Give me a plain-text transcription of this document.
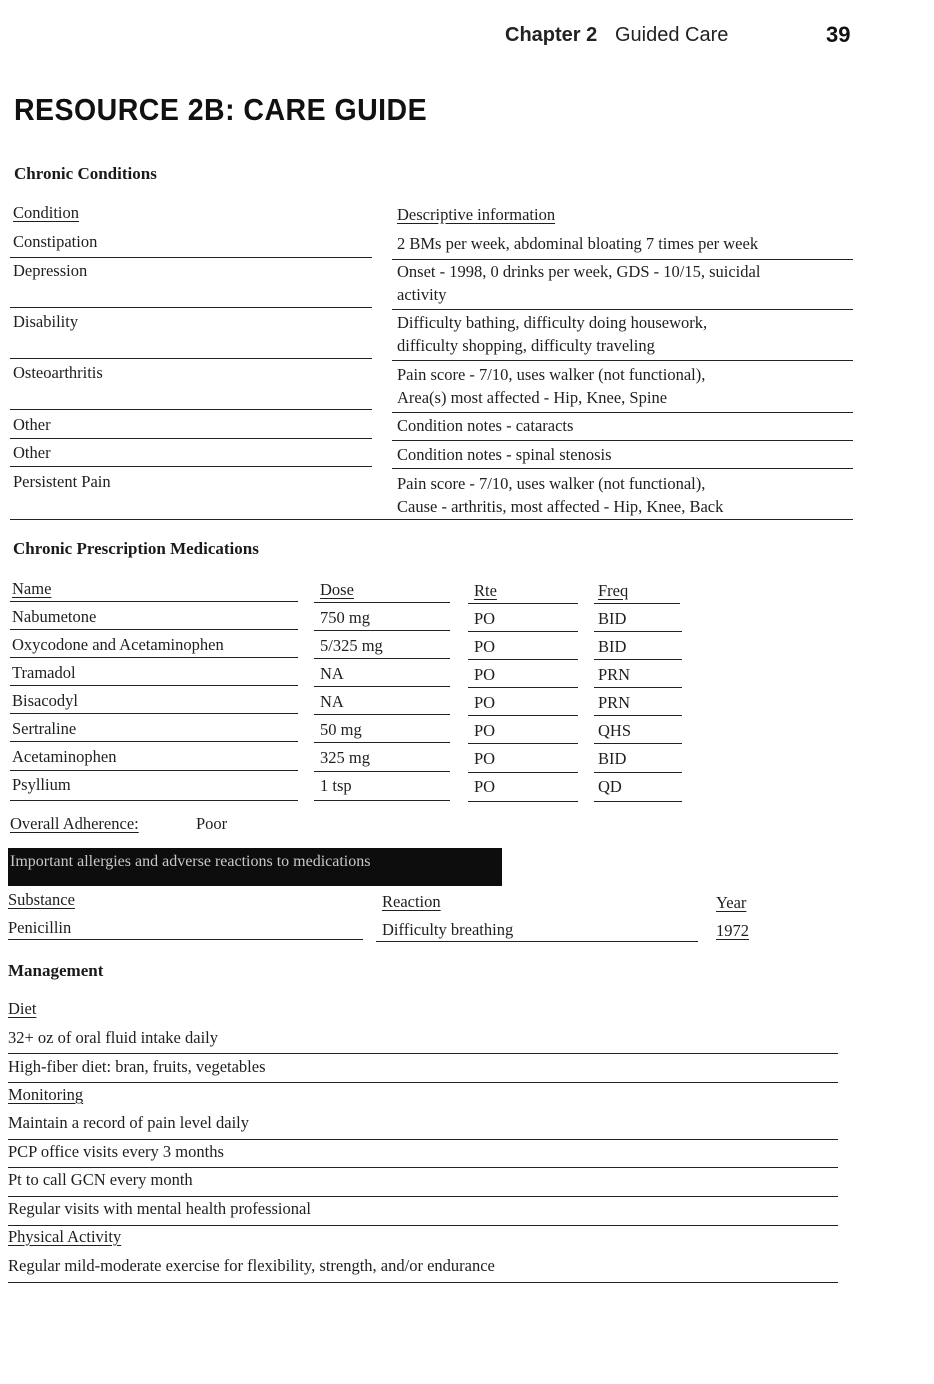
Chapter 2 Guided Care	39
RESOURCE 2B: CARE GUIDE
Chronic Conditions
Condition	Descriptive information
Constipation	2 BMs per week, abdominal bloating 7 times per week
Depression	Onset - 1998, 0 drinks per week, GDS - 10/15, suicidal
activity
Disability	Difficulty bathing, difficulty doing housework,
difficulty shopping, difficulty traveling
Osteoarthritis	Pain score - 7/10, uses walker (not functional),
Area(s) most affected - Hip, Knee, Spine
Other	Condition notes - cataracts
Other	Condition notes - spinal stenosis
Persistent Pain	Pain score - 7/10, uses walker (not functional),
Cause - arthritis, most affected - Hip, Knee, Back
Chronic Prescription Medications
Name	Dose	Rte	Freq
Nabumetone	750 mg	PO	BID
Oxycodone and Acetaminophen	5/325 mg	PO	BID
Tramadol	NA	PO	PRN
Bisacodyl	NA	PO	PRN
Sertraline	50 mg	PO	QHS
Acetaminophen	325 mg	PO	BID
Psyllium	1 tsp	PO	QD
Overall Adherence:	Poor
Important allergies and adverse reactions to medications
Substance	Reaction	Year
Penicillin	Difficulty breathing	1972
Management
Diet
32+ oz of oral fluid intake daily
High-fiber diet: bran, fruits, vegetables
Monitoring
Maintain a record of pain level daily
PCP office visits every 3 months
Pt to call GCN every month
Regular visits with mental health professional
Physical Activity
Regular mild-moderate exercise for flexibility, strength, and/or endurance
